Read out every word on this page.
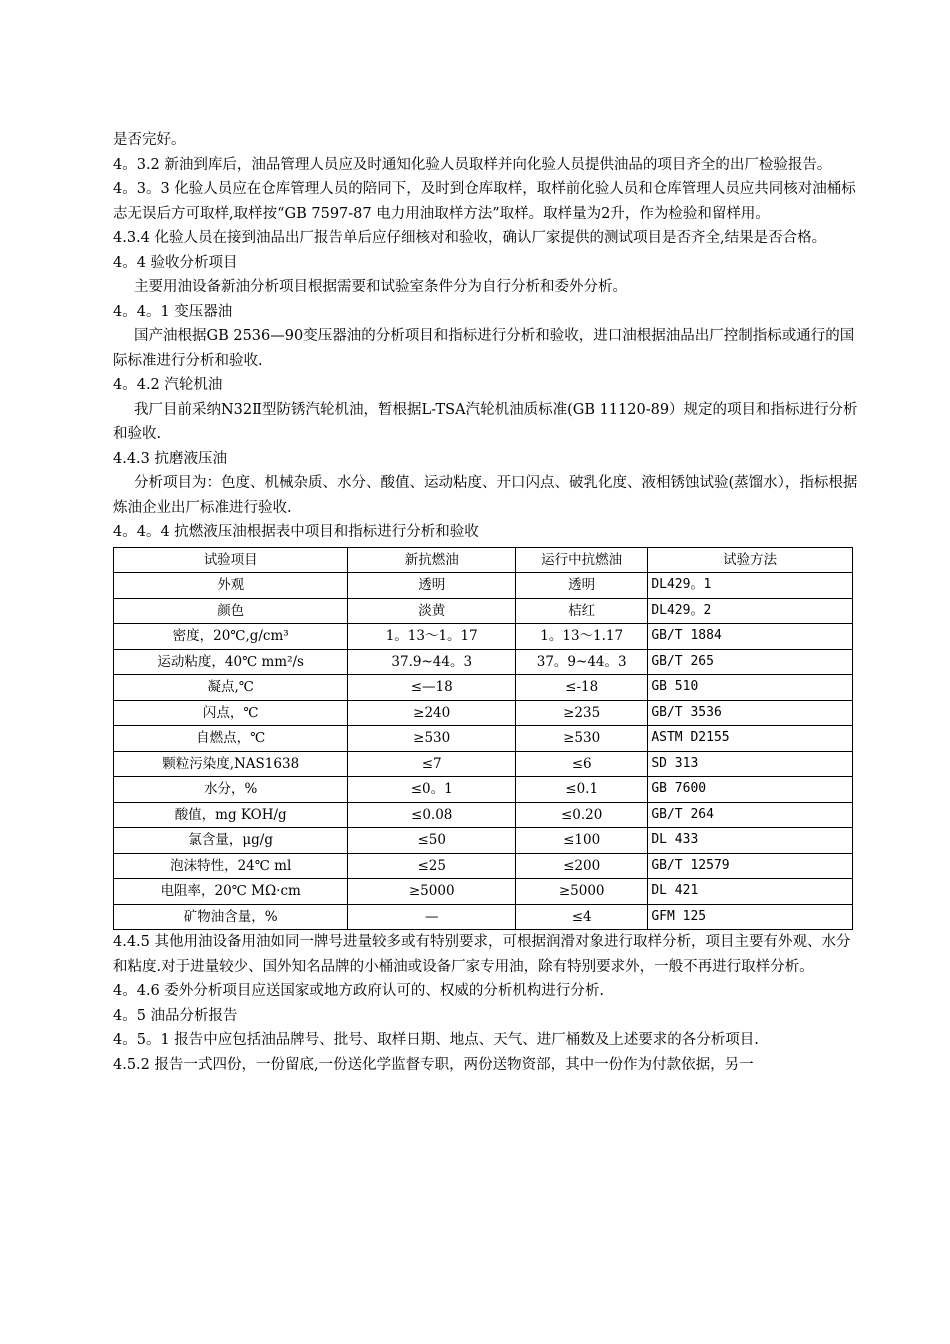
是否完好。

4。3.2 新油到库后，油品管理人员应及时通知化验人员取样并向化验人员提供油品的项目齐全的出厂检验报告。

4。3。3 化验人员应在仓库管理人员的陪同下，及时到仓库取样，取样前化验人员和仓库管理人员应共同核对油桶标志无误后方可取样,取样按“GB 7597-87 电力用油取样方法”取样。取样量为2升，作为检验和留样用。

4.3.4 化验人员在接到油品出厂报告单后应仔细核对和验收，确认厂家提供的测试项目是否齐全,结果是否合格。

4。4 验收分析项目

主要用油设备新油分析项目根据需要和试验室条件分为自行分析和委外分析。

4。4。1 变压器油

国产油根据GB 2536—90变压器油的分析项目和指标进行分析和验收，进口油根据油品出厂控制指标或通行的国际标准进行分析和验收.

4。4.2 汽轮机油

我厂目前采纳N32Ⅱ型防锈汽轮机油，暂根据L-TSA汽轮机油质标准(GB 11120-89）规定的项目和指标进行分析和验收.

4.4.3 抗磨液压油

分析项目为：色度、机械杂质、水分、酸值、运动粘度、开口闪点、破乳化度、液相锈蚀试验(蒸馏水），指标根据炼油企业出厂标准进行验收.

4。4。4 抗燃液压油根据表中项目和指标进行分析和验收

试验项目	新抗燃油	运行中抗燃油	试验方法
外观	透明	透明	DL429。1
颜色	淡黄	桔红	DL429。2
密度，20℃,g/cm³	1。13～1。17	1。13～1.17	GB/T 1884
运动粘度，40℃ mm²/s	37.9~44。3	37。9~44。3	GB/T 265
凝点,℃	≤—18	≤-18	GB 510
闪点，℃	≥240	≥235	GB/T 3536
自燃点，℃	≥530	≥530	ASTM D2155
颗粒污染度,NAS1638	≤7	≤6	SD 313
水分，%	≤0。1	≤0.1	GB 7600
酸值，mg KOH/g	≤0.08	≤0.20	GB/T 264
氯含量，μg/g	≤50	≤100	DL 433
泡沫特性，24℃ ml	≤25	≤200	GB/T 12579
电阻率，20℃ MΩ·cm	≥5000	≥5000	DL 421
矿物油含量，%	—	≤4	GFM 125

4.4.5 其他用油设备用油如同一牌号进量较多或有特别要求，可根据润滑对象进行取样分析，项目主要有外观、水分和粘度.对于进量较少、国外知名品牌的小桶油或设备厂家专用油，除有特别要求外，一般不再进行取样分析。

4。4.6 委外分析项目应送国家或地方政府认可的、权威的分析机构进行分析.

4。5 油品分析报告

4。5。1 报告中应包括油品牌号、批号、取样日期、地点、天气、进厂桶数及上述要求的各分析项目.

4.5.2 报告一式四份，一份留底,一份送化学监督专职，两份送物资部，其中一份作为付款依据，另一
